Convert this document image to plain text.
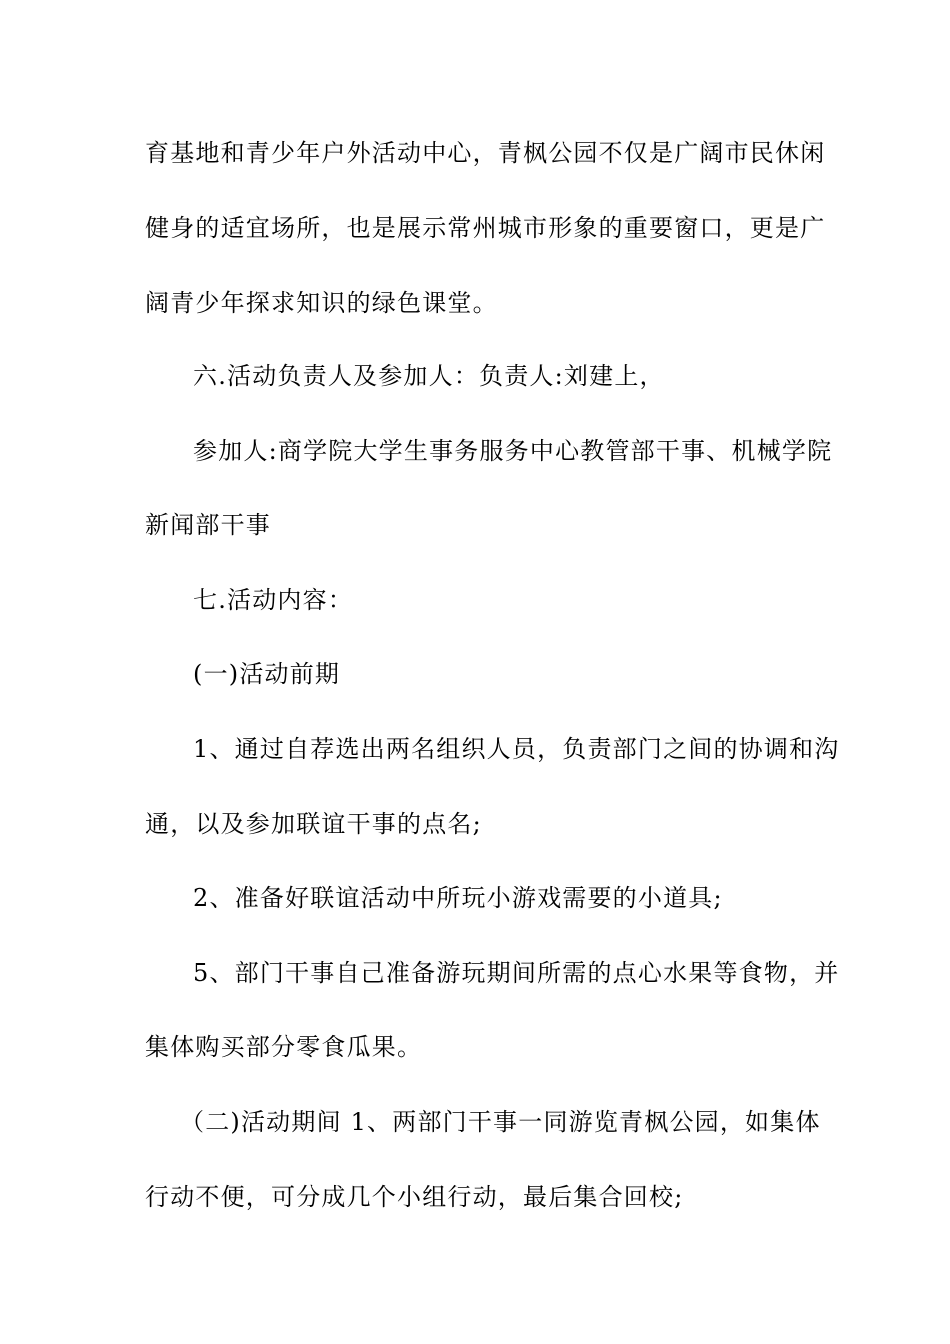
育基地和青少年户外活动中心，青枫公园不仅是广阔市民休闲
健身的适宜场所，也是展示常州城市形象的重要窗口，更是广
阔青少年探求知识的绿色课堂。
六.活动负责人及参加人：负责人:刘建上，
参加人:商学院大学生事务服务中心教管部干事、机械学院
新闻部干事
七.活动内容：
(一)活动前期
1、通过自荐选出两名组织人员，负责部门之间的协调和沟
通，以及参加联谊干事的点名;
2、准备好联谊活动中所玩小游戏需要的小道具;
5、部门干事自己准备游玩期间所需的点心水果等食物，并
集体购买部分零食瓜果。
（二)活动期间 1、两部门干事一同游览青枫公园，如集体
行动不便，可分成几个小组行动，最后集合回校;
